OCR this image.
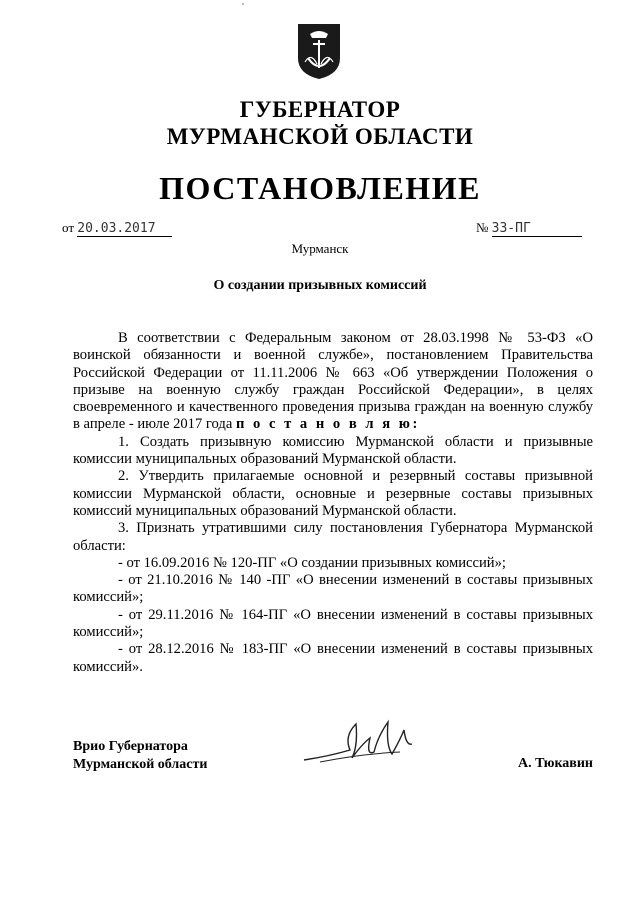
ГУБЕРНАТОР
МУРМАНСКОЙ ОБЛАСТИ
ПОСТАНОВЛЕНИЕ
от 20.03.2017	№ 33-ПГ
Мурманск
О создании призывных комиссий

В соответствии с Федеральным законом от 28.03.1998 № 53-ФЗ «О воинской обязанности и военной службе», постановлением Правительства Российской Федерации от 11.11.2006 № 663 «Об утверждении Положения о призыве на военную службу граждан Российской Федерации», в целях своевременного и качественного проведения призыва граждан на военную службу в апреле - июле 2017 года п о с т а н о в л я ю:

1. Создать призывную комиссию Мурманской области и призывные комиссии муниципальных образований Мурманской области.

2. Утвердить прилагаемые основной и резервный составы призывной комиссии Мурманской области, основные и резервные составы призывных комиссий муниципальных образований Мурманской области.

3. Признать утратившими силу постановления Губернатора Мурманской области:

- от 16.09.2016 № 120-ПГ «О создании призывных комиссий»;

- от 21.10.2016 № 140 -ПГ «О внесении изменений в составы призывных комиссий»;

- от 29.11.2016 № 164-ПГ «О внесении изменений в составы призывных комиссий»;

- от 28.12.2016 № 183-ПГ «О внесении изменений в составы призывных комиссий».

Врио Губернатора
Мурманской области	А. Тюкавин
